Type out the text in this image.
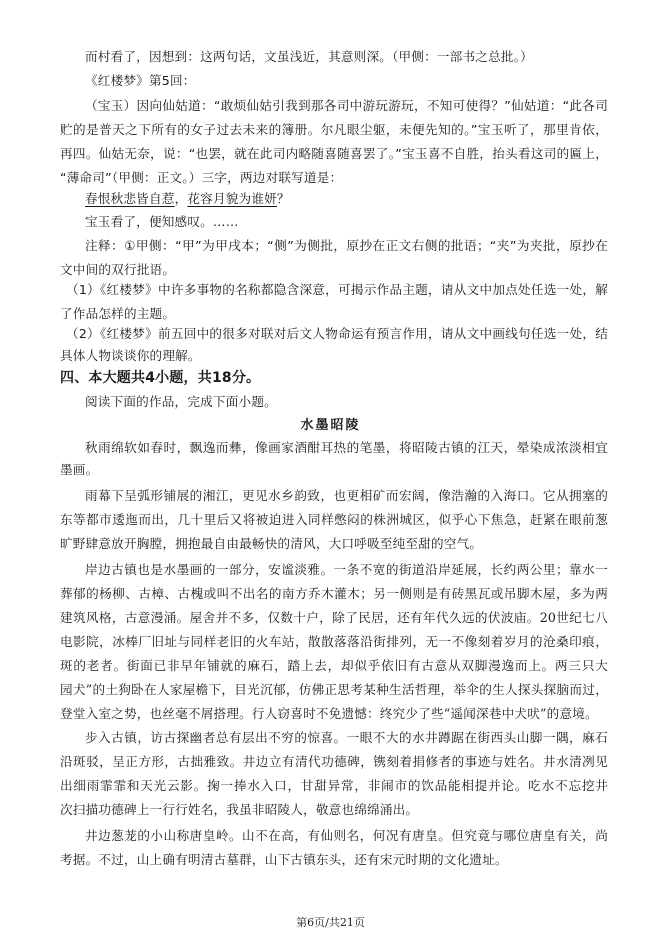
而村看了，因想到：这两句话，文虽浅近，其意则深。（甲侧：一部书之总批。）
《红楼梦》第5回：
（宝玉）因向仙姑道：“敢烦仙姑引我到那各司中游玩游玩，不知可使得？”仙姑道：“此各司
贮的是普天之下所有的女子过去未来的簿册。尔凡眼尘躯，未便先知的。”宝玉听了，那里肯依，
再四。仙姑无奈，说：“也罢，就在此司内略随喜随喜罢了。”宝玉喜不自胜，抬头看这司的匾上，
“薄命司”（甲侧：正文。）三字，两边对联写道是：
春恨秋悲皆自惹，花容月貌为谁妍？
宝玉看了，便知感叹。……
注释：①甲侧：“甲”为甲戌本；“侧”为侧批，原抄在正文右侧的批语；“夹”为夹批，原抄在
文中间的双行批语。
（1）《红楼梦》中许多事物的名称都隐含深意，可揭示作品主题，请从文中加点处任选一处，解
了作品怎样的主题。
（2）《红楼梦》前五回中的很多对联对后文人物命运有预言作用，请从文中画线句任选一处，结
具体人物谈谈你的理解。
四、本大题共4小题，共18分。
阅读下面的作品，完成下面小题。
水墨昭陵
秋雨绵软如春时，飘逸而彝，像画家酒酣耳热的笔墨，将昭陵古镇的江天，晕染成浓淡相宜
墨画。
雨幕下呈弧形铺展的湘江，更见水乡韵致，也更相矿而宏阔，像浩瀚的入海口。它从拥塞的
东等都市逶迤而出，几十里后又将被迫进入同样憋闷的株洲城区，似乎心下焦急，赶紧在眼前葱
旷野肆意放开胸膛，拥抱最自由最畅快的清风，大口呼吸至纯至甜的空气。
岸边古镇也是水墨画的一部分，安谧淡雅。一条不宽的街道沿岸延展，长约两公里；靠水一
葬郁的杨柳、古樟、古槐或叫不出名的南方乔木灌木；另一侧则是有砖黑瓦或吊脚木屋，多为两
建筑风格，古意漫涌。屋舍并不多，仅数十户，除了民居，还有年代久远的伏波庙。20世纪七八
电影院，冰棒厂旧址与同样老旧的火车站，散散落落沿街排列，无一不像刻着岁月的沧桑印痕，
斑的老者。街面已非早年铺就的麻石，踏上去，却似乎依旧有古意从双脚漫逸而上。两三只大
园犬”的土狗卧在人家屋檐下，目光沉郁，仿佛正思考某种生活哲理，举伞的生人探头探脑而过，
登堂入室之势，也丝毫不屑搭理。行人窃喜时不免遗憾：终究少了些“遥闻深巷中犬吠”的意境。
步入古镇，访古探幽者总有层出不穷的惊喜。一眼不大的水井蹲踞在街西头山脚一隅，麻石
沿斑驳，呈正方形，古拙雅致。井边立有清代功德碑，镌刻着捐修者的事迹与姓名。井水清冽见
出细雨霏霏和天光云影。掬一捧水入口，甘甜异常，非闹市的饮品能相提并论。吃水不忘挖井
次扫描功德碑上一行行姓名，我虽非昭陵人，敬意也绵绵涌出。
井边葱茏的小山称唐皇岭。山不在高，有仙则名，何况有唐皇。但究竟与哪位唐皇有关，尚
考据。不过，山上确有明清古墓群，山下古镇东头，还有宋元时期的文化遗址。
第6页/共21页
